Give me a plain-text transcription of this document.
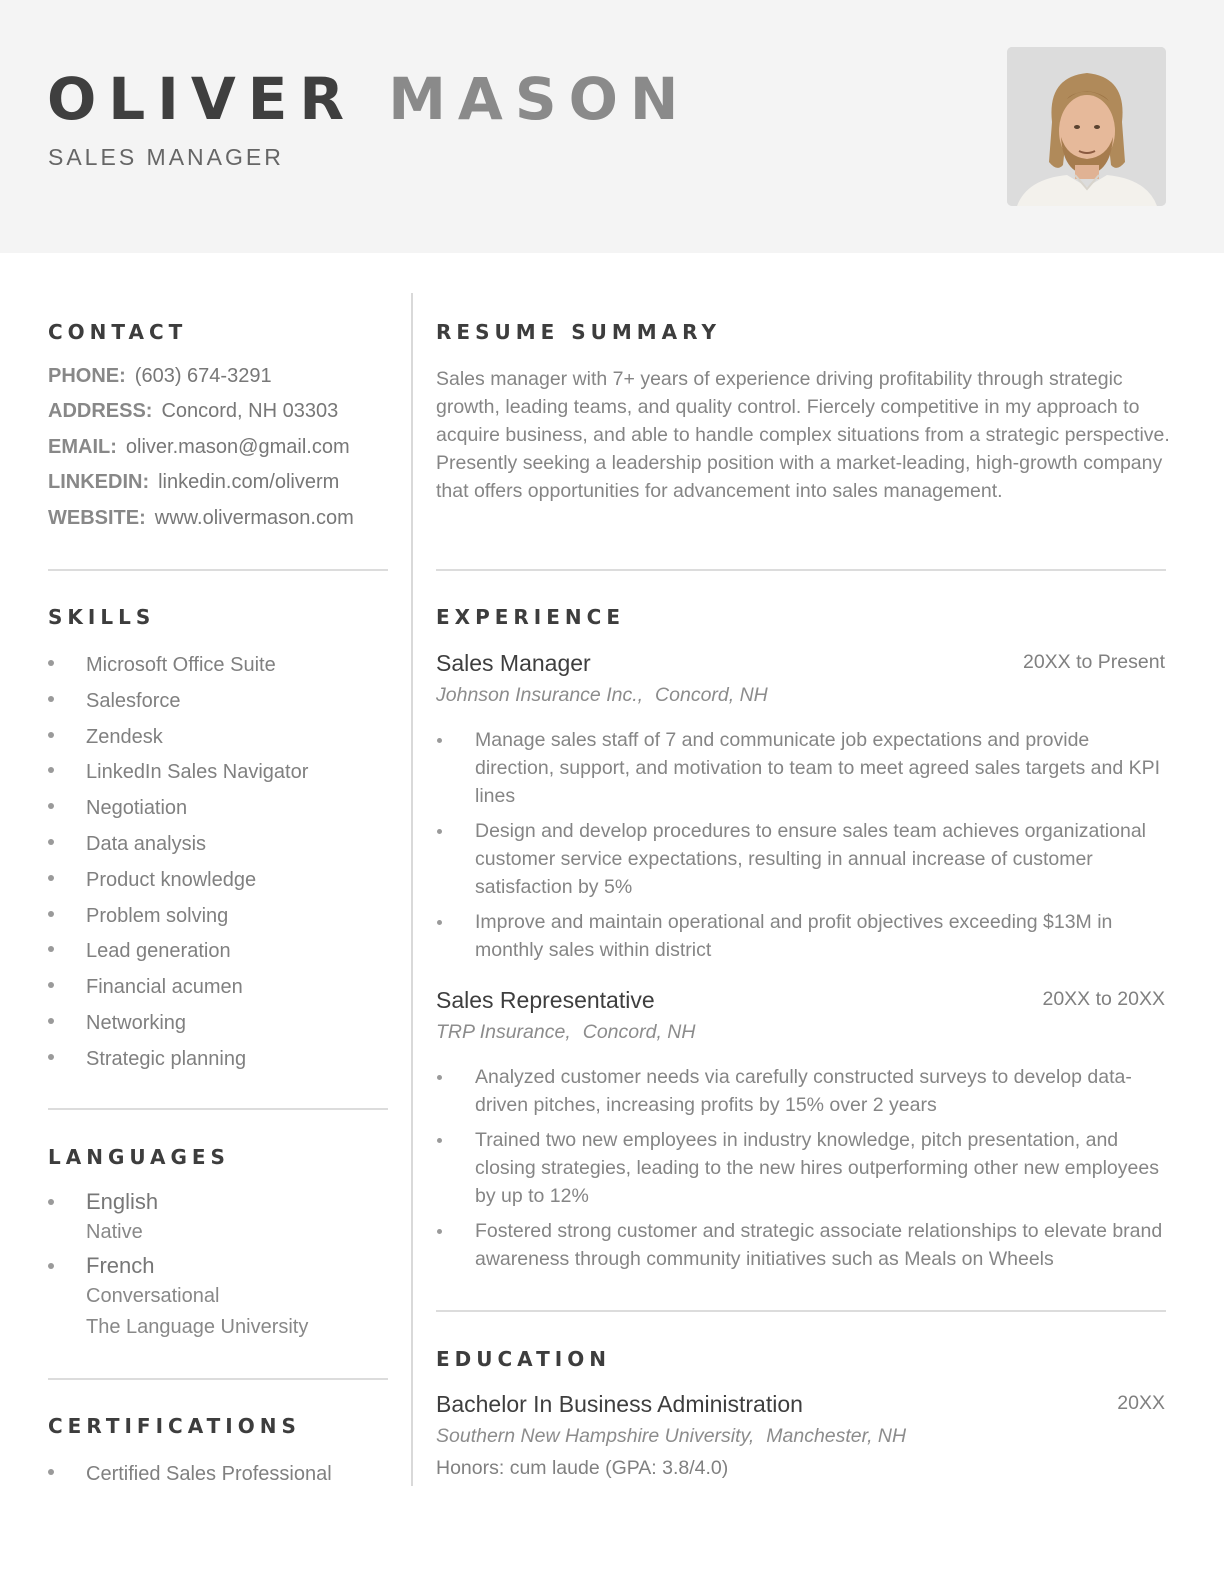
OLIVER MASON
SALES MANAGER
CONTACT
PHONE: (603) 674-3291
ADDRESS: Concord, NH 03303
EMAIL: oliver.mason@gmail.com
LINKEDIN: linkedin.com/oliverm
WEBSITE: www.olivermason.com
SKILLS
Microsoft Office Suite
Salesforce
Zendesk
LinkedIn Sales Navigator
Negotiation
Data analysis
Product knowledge
Problem solving
Lead generation
Financial acumen
Networking
Strategic planning
LANGUAGES
English
Native
French
Conversational
The Language University
CERTIFICATIONS
Certified Sales Professional
RESUME SUMMARY
Sales manager with 7+ years of experience driving profitability through strategic growth, leading teams, and quality control. Fiercely competitive in my approach to acquire business, and able to handle complex situations from a strategic perspective. Presently seeking a leadership position with a market-leading, high-growth company that offers opportunities for advancement into sales management.
EXPERIENCE
Sales Manager	20XX to Present
Johnson Insurance Inc., Concord, NH
Manage sales staff of 7 and communicate job expectations and provide direction, support, and motivation to team to meet agreed sales targets and KPI lines
Design and develop procedures to ensure sales team achieves organizational customer service expectations, resulting in annual increase of customer satisfaction by 5%
Improve and maintain operational and profit objectives exceeding $13M in monthly sales within district
Sales Representative	20XX to 20XX
TRP Insurance, Concord, NH
Analyzed customer needs via carefully constructed surveys to develop data-driven pitches, increasing profits by 15% over 2 years
Trained two new employees in industry knowledge, pitch presentation, and closing strategies, leading to the new hires outperforming other new employees by up to 12%
Fostered strong customer and strategic associate relationships to elevate brand awareness through community initiatives such as Meals on Wheels
EDUCATION
Bachelor In Business Administration	20XX
Southern New Hampshire University, Manchester, NH
Honors: cum laude (GPA: 3.8/4.0)
